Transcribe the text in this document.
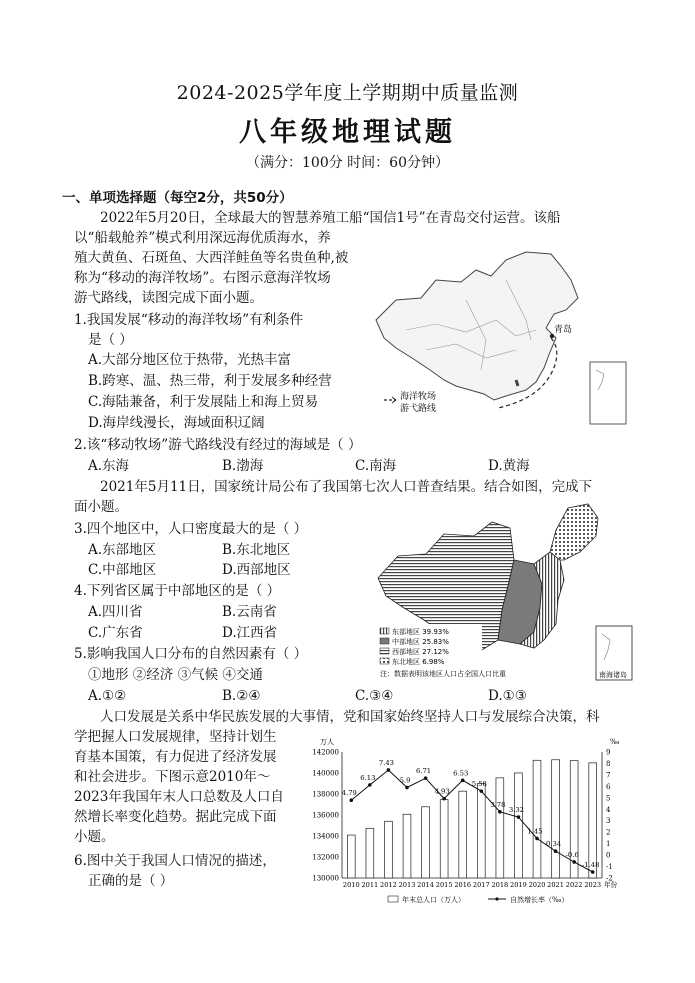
2024-2025学年度上学期期中质量监测
八年级地理试题
（满分：100分 时间：60分钟）
一、单项选择题（每空2分，共50分）
2022年5月20日，全球最大的智慧养殖工船“国信1号”在青岛交付运营。该船
以“船载舱养”模式利用深远海优质海水，养
殖大黄鱼、石斑鱼、大西洋鲑鱼等名贵鱼种,被
称为“移动的海洋牧场”。右图示意海洋牧场
游弋路线，读图完成下面小题。
1.我国发展“移动的海洋牧场”有利条件
是（ ）
A.大部分地区位于热带，光热丰富
B.跨寒、温、热三带，利于发展多种经营
C.海陆兼备，利于发展陆上和海上贸易
D.海岸线漫长，海域面积辽阔
2.该“移动牧场”游弋路线没有经过的海域是（ ）
A.东海	B.渤海	C.南海	D.黄海
青岛
海洋牧场
游弋路线
2021年5月11日，国家统计局公布了我国第七次人口普查结果。结合如图，完成下
面小题。
3.四个地区中，人口密度最大的是（ ）
A.东部地区	B.东北地区
C.中部地区	D.西部地区
4.下列省区属于中部地区的是（ ）
A.四川省	B.云南省
C.广东省	D.江西省
5.影响我国人口分布的自然因素有（ ）
①地形 ②经济 ③气候 ④交通
A.①②	B.②④	C.③④	D.①③
东部地区 39.93%
中部地区 25.83%
西部地区 27.12%
东北地区 6.98%
注：数据表明该地区人口占全国人口比重	南海诸岛
人口发展是关系中华民族发展的大事情，党和国家始终坚持人口与发展综合决策，科
学把握人口发展规律，坚持计划生
育基本国策，有力促进了经济发展
和社会进步。下图示意2010年～
2023年我国年末人口总数及人口自
然增长率变化趋势。据此完成下面
小题。
6.图中关于我国人口情况的描述，
正确的是（ ）
万人	‰
142000
140000
138000
136000
134000
132000
130000
9
8
7
6
5
4
3
2
1
0
-1
-2
2010 2011 2012 2013 2014 2015 2016 2017 2018 2019 2020 2021 2022 2023 年份
4.79
6.13
7.43
5.9
6.71
4.93
6.53
5.58
3.78
3.32
1.45
0.34
-0.6
-1.48
年末总人口（万人）	自然增长率（‰）
